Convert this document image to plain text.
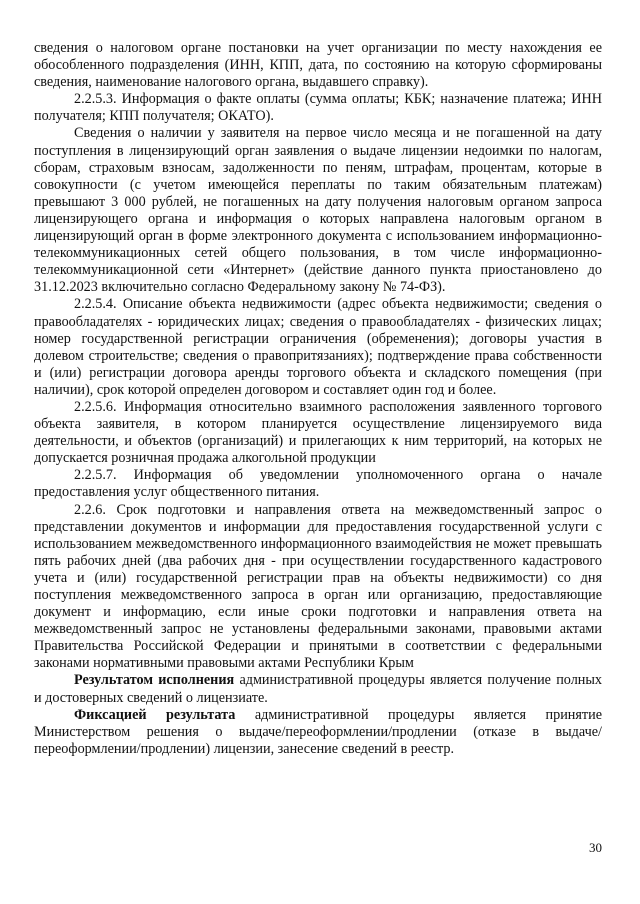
сведения о налоговом органе постановки на учет организации по месту нахождения ее обособленного подразделения (ИНН, КПП, дата, по состоянию на которую сформированы сведения, наименование налогового органа, выдавшего справку).

2.2.5.3. Информация о факте оплаты (сумма оплаты; КБК; назначение платежа; ИНН получателя; КПП получателя; ОКАТО).

Сведения о наличии у заявителя на первое число месяца и не погашенной на дату поступления в лицензирующий орган заявления о выдаче лицензии недоимки по налогам, сборам, страховым взносам, задолженности по пеням, штрафам, процентам, которые в совокупности (с учетом имеющейся переплаты по таким обязательным платежам) превышают 3 000 рублей, не погашенных на дату получения налоговым органом запроса лицензирующего органа и информация о которых направлена налоговым органом в лицензирующий орган в форме электронного документа с использованием информационно-телекоммуникационных сетей общего пользования, в том числе информационно-телекоммуникационной сети «Интернет» (действие данного пункта приостановлено до 31.12.2023 включительно согласно Федеральному закону № 74-ФЗ).

2.2.5.4. Описание объекта недвижимости (адрес объекта недвижимости; сведения о правообладателях - юридических лицах; сведения о правообладателях - физических лицах; номер государственной регистрации ограничения (обременения); договоры участия в долевом строительстве; сведения о правопритязаниях); подтверждение права собственности и (или) регистрации договора аренды торгового объекта и складского помещения (при наличии), срок которой определен договором и составляет один год и более.

2.2.5.6. Информация относительно взаимного расположения заявленного торгового объекта заявителя, в котором планируется осуществление лицензируемого вида деятельности, и объектов (организаций) и прилегающих к ним территорий, на которых не допускается розничная продажа алкогольной продукции

2.2.5.7. Информация об уведомлении уполномоченного органа о начале предоставления услуг общественного питания.

2.2.6. Срок подготовки и направления ответа на межведомственный запрос о представлении документов и информации для предоставления государственной услуги с использованием межведомственного информационного взаимодействия не может превышать пять рабочих дней (два рабочих дня - при осуществлении государственного кадастрового учета и (или) государственной регистрации прав на объекты недвижимости) со дня поступления межведомственного запроса в орган или организацию, предоставляющие документ и информацию, если иные сроки подготовки и направления ответа на межведомственный запрос не установлены федеральными законами, правовыми актами Правительства Российской Федерации и принятыми в соответствии с федеральными законами нормативными правовыми актами Республики Крым

Результатом исполнения административной процедуры является получение полных и достоверных сведений о лицензиате.

Фиксацией результата административной процедуры является принятие Министерством решения о выдаче/переоформлении/продлении (отказе в выдаче/переоформлении/продлении) лицензии, занесение сведений в реестр.

30
